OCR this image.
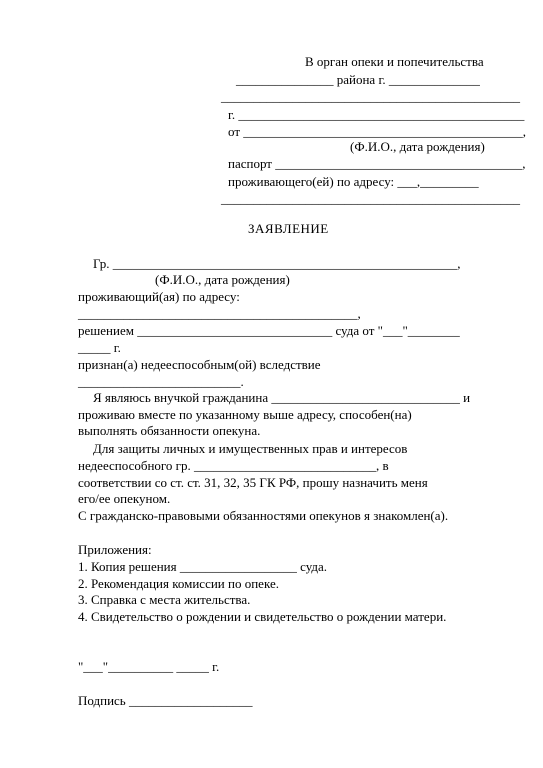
В орган опеки и попечительства
_______________ района г. ______________
______________________________________________
г. ____________________________________________
от ___________________________________________,
(Ф.И.О., дата рождения)
паспорт ______________________________________,
проживающего(ей) по адресу: ___,_________
______________________________________________
ЗАЯВЛЕНИЕ
Гр. _____________________________________________________,
(Ф.И.О., дата рождения)
проживающий(ая) по адресу:
___________________________________________,
решением ______________________________ суда от "___"________
_____ г.
признан(а) недееспособным(ой) вследствие
_________________________.
Я являюсь внучкой гражданина _____________________________ и
проживаю вместе по указанному выше адресу, способен(на)
выполнять обязанности опекуна.
Для защиты личных и имущественных прав и интересов
недееспособного гр. ____________________________, в
соответствии со ст. ст. 31, 32, 35 ГК РФ, прошу назначить меня
его/ее опекуном.
С гражданско-правовыми обязанностями опекунов я знакомлен(а).
Приложения:
1. Копия решения __________________ суда.
2. Рекомендация комиссии по опеке.
3. Справка с места жительства.
4. Свидетельство о рождении и свидетельство о рождении матери.
"___"__________ _____ г.
Подпись ___________________
